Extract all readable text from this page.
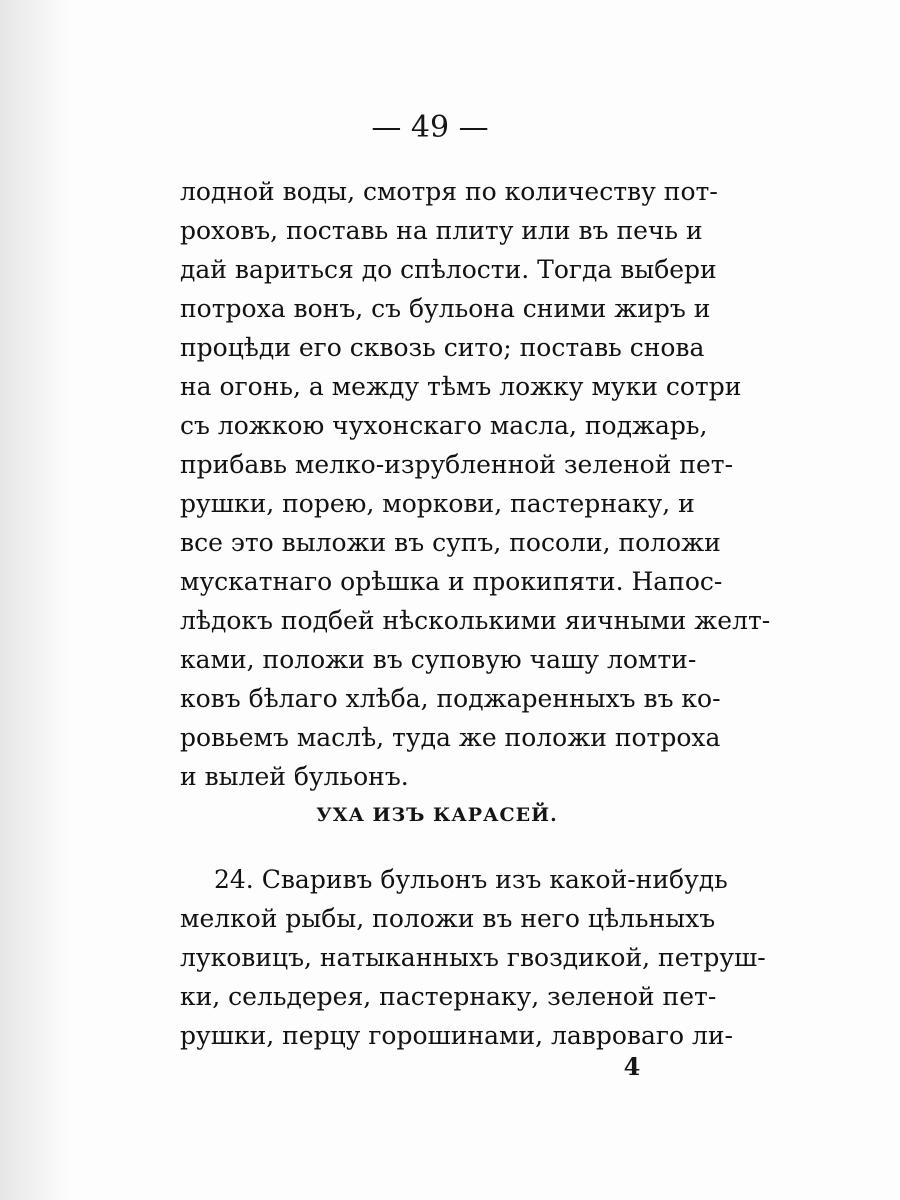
— 49 —
лодной воды, смотря по количеству пот-
роховъ, поставь на плиту или въ печь и
дай вариться до спѣлости. Тогда выбери
потроха вонъ, съ бульона сними жиръ и
процѣди его сквозь сито; поставь снова
на огонь, а между тѣмъ ложку муки сотри
съ ложкою чухонскаго масла, поджарь,
прибавь мелко-изрубленной зеленой пет-
рушки, порею, моркови, пастернаку, и
все это выложи въ супъ, посоли, положи
мускатнаго орѣшка и прокипяти. Напос-
лѣдокъ подбей нѣсколькими яичными желт-
ками, положи въ суповую чашу ломти-
ковъ бѣлаго хлѣба, поджаренныхъ въ ко-
ровьемъ маслѣ, туда же положи потроха
и вылей бульонъ.
УХА ИЗЪ КАРАСЕЙ.
24. Сваривъ бульонъ изъ какой-нибудь
мелкой рыбы, положи въ него цѣльныхъ
луковицъ, натыканныхъ гвоздикой, петруш-
ки, сельдерея, пастернаку, зеленой пет-
рушки, перцу горошинами, лавроваго ли-
4
